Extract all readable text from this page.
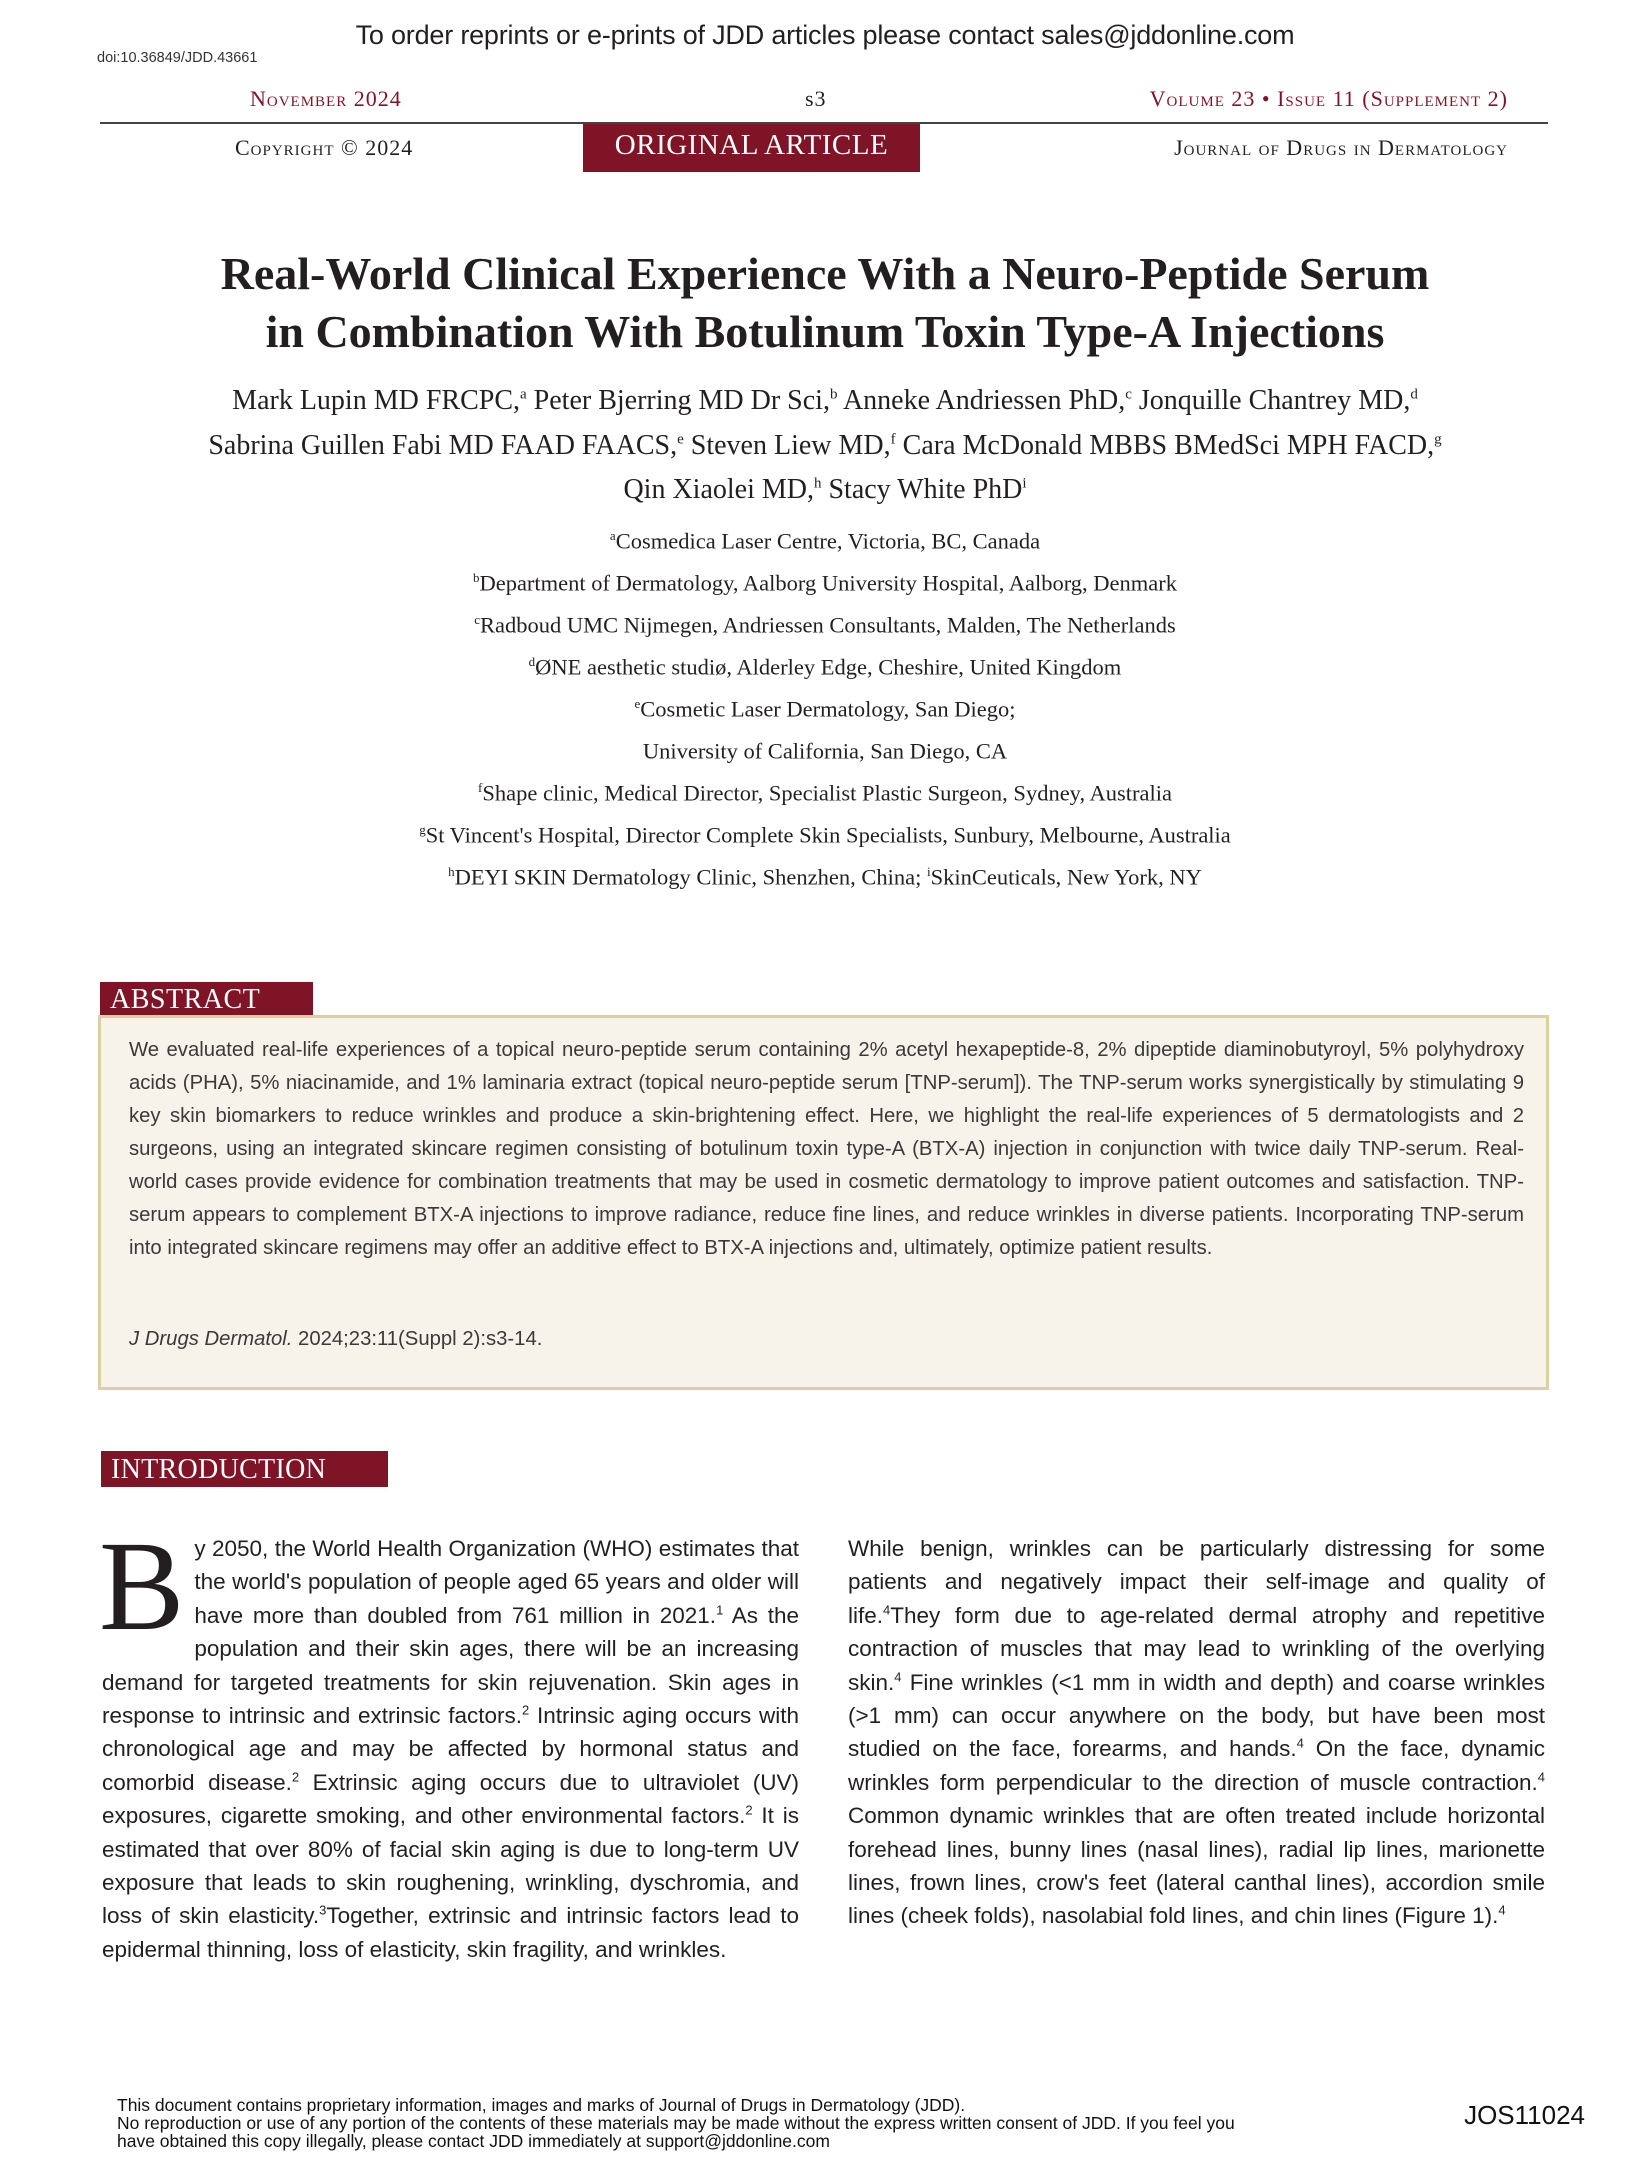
To order reprints or e-prints of JDD articles please contact sales@jddonline.com
doi:10.36849/JDD.43661
November 2024	s3	Volume 23 • Issue 11 (Supplement 2)
Copyright © 2024	ORIGINAL ARTICLE	Journal of Drugs in Dermatology
Real-World Clinical Experience With a Neuro-Peptide Serum
in Combination With Botulinum Toxin Type-A Injections
Mark Lupin MD FRCPC,$^a$ Peter Bjerring MD Dr Sci,$^b$ Anneke Andriessen PhD,$^c$ Jonquille Chantrey MD,$^d$
Sabrina Guillen Fabi MD FAAD FAACS,$^e$ Steven Liew MD,$^f$ Cara McDonald MBBS BMedSci MPH FACD,$^g$
Qin Xiaolei MD,$^h$ Stacy White PhD$^i$
$^a$Cosmedica Laser Centre, Victoria, BC, Canada
$^b$Department of Dermatology, Aalborg University Hospital, Aalborg, Denmark
$^c$Radboud UMC Nijmegen, Andriessen Consultants, Malden, The Netherlands
$^d$ØNE aesthetic studiø, Alderley Edge, Cheshire, United Kingdom
$^e$Cosmetic Laser Dermatology, San Diego;
University of California, San Diego, CA
$^f$Shape clinic, Medical Director, Specialist Plastic Surgeon, Sydney, Australia
$^g$St Vincent's Hospital, Director Complete Skin Specialists, Sunbury, Melbourne, Australia
$^h$DEYI SKIN Dermatology Clinic, Shenzhen, China; $^i$SkinCeuticals, New York, NY
ABSTRACT
We evaluated real-life experiences of a topical neuro-peptide serum containing 2% acetyl hexapeptide-8, 2% dipeptide diaminobutyroyl, 5% polyhydroxy acids (PHA), 5% niacinamide, and 1% laminaria extract (topical neuro-peptide serum [TNP-serum]). The TNP-serum works synergistically by stimulating 9 key skin biomarkers to reduce wrinkles and produce a skin-brightening effect. Here, we highlight the real-life experiences of 5 dermatologists and 2 surgeons, using an integrated skincare regimen consisting of botulinum toxin type-A (BTX-A) injection in conjunction with twice daily TNP-serum. Real-world cases provide evidence for combination treatments that may be used in cosmetic dermatology to improve patient outcomes and satisfaction. TNP-serum appears to complement BTX-A injections to improve radiance, reduce fine lines, and reduce wrinkles in diverse patients. Incorporating TNP-serum into integrated skincare regimens may offer an additive effect to BTX-A injections and, ultimately, optimize patient results.
J Drugs Dermatol. 2024;23:11(Suppl 2):s3-14.
INTRODUCTION
By 2050, the World Health Organization (WHO) estimates that the world's population of people aged 65 years and older will have more than doubled from 761 million in 2021.$^1$ As the population and their skin ages, there will be an increasing demand for targeted treatments for skin rejuvenation. Skin ages in response to intrinsic and extrinsic factors.$^2$ Intrinsic aging occurs with chronological age and may be affected by hormonal status and comorbid disease.$^2$ Extrinsic aging occurs due to ultraviolet (UV) exposures, cigarette smoking, and other environmental factors.$^2$ It is estimated that over 80% of facial skin aging is due to long-term UV exposure that leads to skin roughening, wrinkling, dyschromia, and loss of skin elasticity.$^3$Together, extrinsic and intrinsic factors lead to epidermal thinning, loss of elasticity, skin fragility, and wrinkles.
While benign, wrinkles can be particularly distressing for some patients and negatively impact their self-image and quality of life.$^4$They form due to age-related dermal atrophy and repetitive contraction of muscles that may lead to wrinkling of the overlying skin.$^4$ Fine wrinkles (<1 mm in width and depth) and coarse wrinkles (>1 mm) can occur anywhere on the body, but have been most studied on the face, forearms, and hands.$^4$ On the face, dynamic wrinkles form perpendicular to the direction of muscle contraction.$^4$ Common dynamic wrinkles that are often treated include horizontal forehead lines, bunny lines (nasal lines), radial lip lines, marionette lines, frown lines, crow's feet (lateral canthal lines), accordion smile lines (cheek folds), nasolabial fold lines, and chin lines (Figure 1).$^4$
This document contains proprietary information, images and marks of Journal of Drugs in Dermatology (JDD).
No reproduction or use of any portion of the contents of these materials may be made without the express written consent of JDD. If you feel you
have obtained this copy illegally, please contact JDD immediately at support@jddonline.com
JOS11024
